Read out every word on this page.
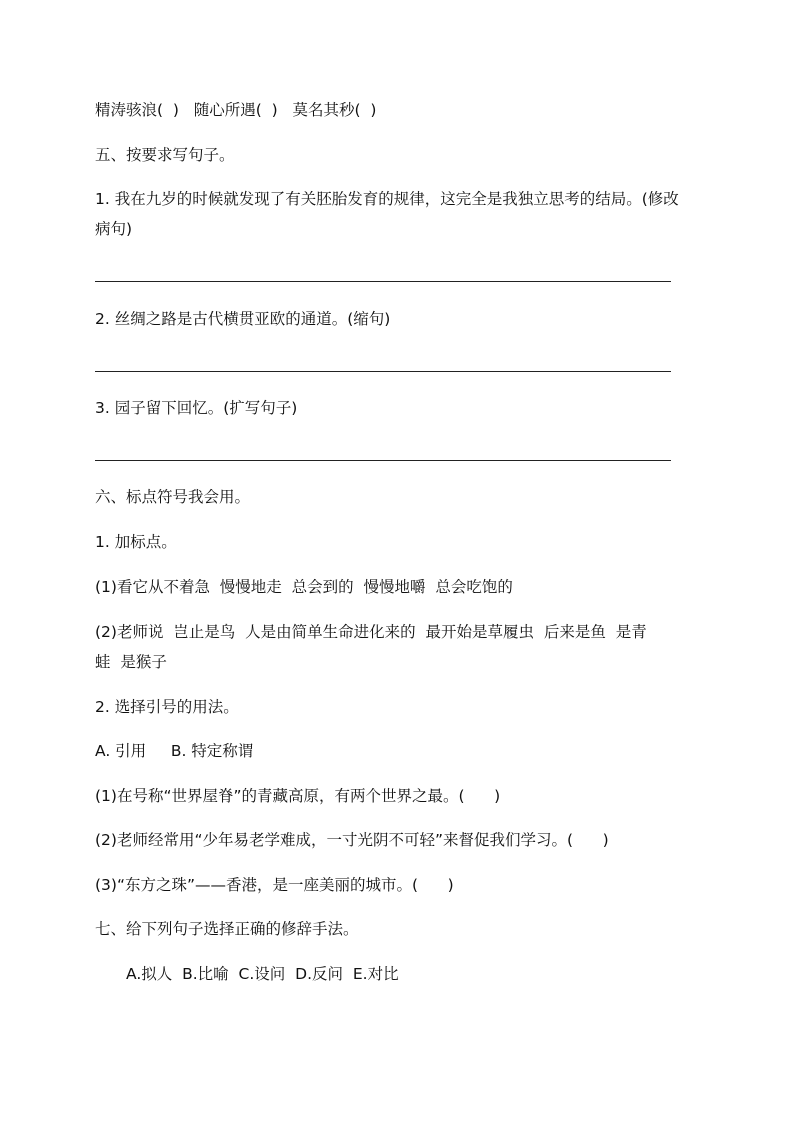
精涛骇浪(  )   随心所遇(  )   莫名其秒(  )
五、按要求写句子。
1. 我在九岁的时候就发现了有关胚胎发育的规律，这完全是我独立思考的结局。(修改
病句)
2. 丝绸之路是古代横贯亚欧的通道。(缩句)
3. 园子留下回忆。(扩写句子)
六、标点符号我会用。
1. 加标点。
(1)看它从不着急  慢慢地走  总会到的  慢慢地嚼  总会吃饱的
(2)老师说  岂止是鸟  人是由简单生命进化来的  最开始是草履虫  后来是鱼  是青
蛙  是猴子
2. 选择引号的用法。
A. 引用     B. 特定称谓
(1)在号称“世界屋脊”的青藏高原，有两个世界之最。(      )
(2)老师经常用“少年易老学难成，一寸光阴不可轻”来督促我们学习。(      )
(3)“东方之珠”——香港，是一座美丽的城市。(      )
七、给下列句子选择正确的修辞手法。
A.拟人  B.比喻  C.设问  D.反问  E.对比
